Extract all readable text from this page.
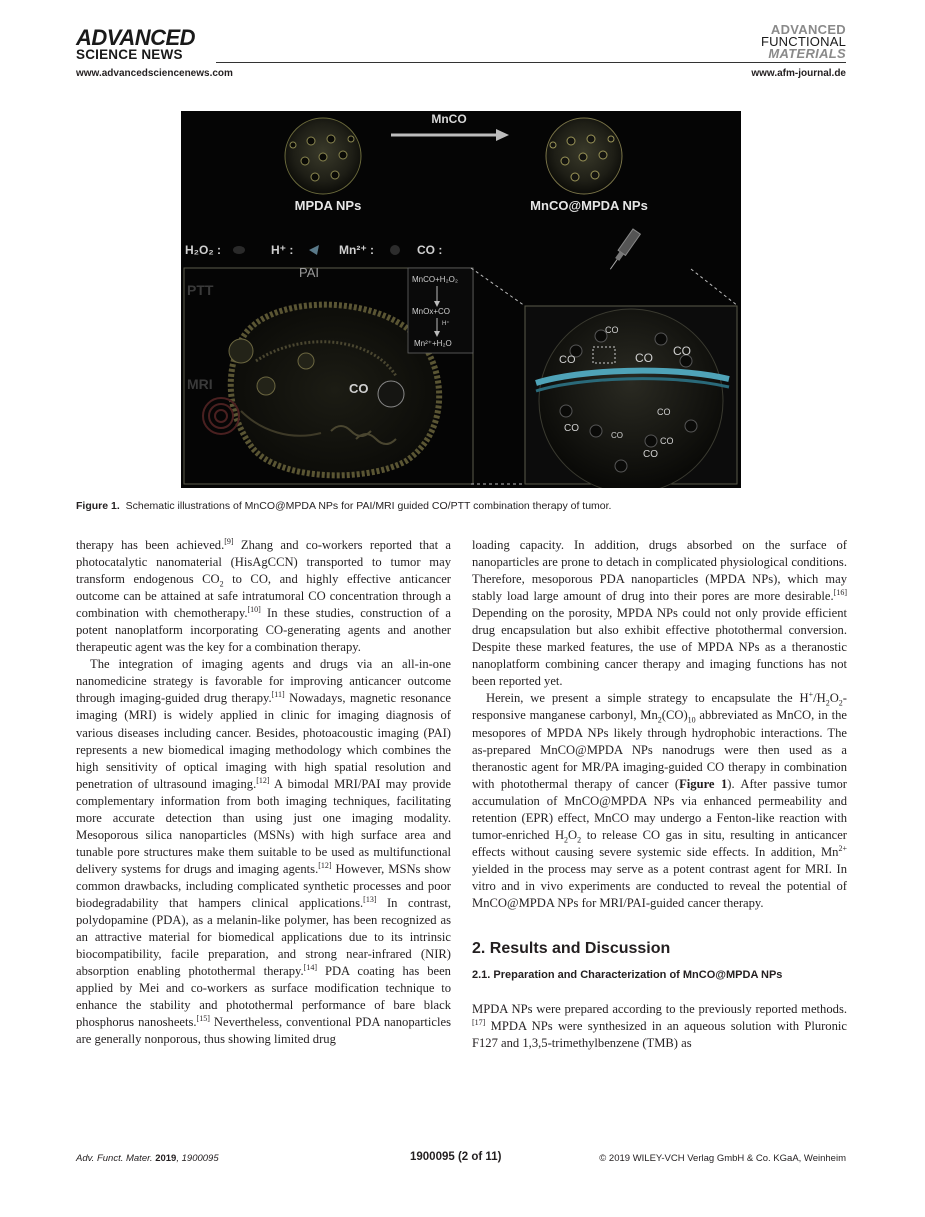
ADVANCED
SCIENCE NEWS
ADVANCED
FUNCTIONAL
MATERIALS
www.advancedsciencenews.com	www.afm-journal.de
MnCO
MPDA NPs	MnCO@MPDA NPs
H₂O₂ :	H⁺ :	Mn²⁺ :	CO :
PAI
PTT
MRI	CO
MnCO+H₂O₂
MnOx+CO
H⁺
Mn²⁺+H₂O
CO
CO	CO CO
CO
CO
CO
CO
CO
Figure 1. Schematic illustrations of MnCO@MPDA NPs for PAI/MRI guided CO/PTT combination therapy of tumor.

therapy has been achieved.[9] Zhang and co-workers reported that a photocatalytic nanomaterial (HisAgCCN) transported to tumor may transform endogenous $CO_2$ to CO, and highly effective anticancer outcome can be attained at safe intratumoral CO concentration through a combination with chemotherapy.[10] In these studies, construction of a potent nanoplatform incorporating CO-generating agents and another therapeutic agent was the key for a combination therapy.

The integration of imaging agents and drugs via an all-in-one nanomedicine strategy is favorable for improving anticancer outcome through imaging-guided drug therapy.[11] Nowadays, magnetic resonance imaging (MRI) is widely applied in clinic for imaging diagnosis of various diseases including cancer. Besides, photoacoustic imaging (PAI) represents a new biomedical imaging methodology which combines the high sensitivity of optical imaging with high spatial resolution and penetration of ultrasound imaging.[12] A bimodal MRI/PAI may provide complementary information from both imaging techniques, facilitating more accurate detection than using just one imaging modality. Mesoporous silica nanoparticles (MSNs) with high surface area and tunable pore structures make them suitable to be used as multifunctional delivery systems for drugs and imaging agents.[12] However, MSNs show common drawbacks, including complicated synthetic processes and poor biodegradability that hampers clinical applications.[13] In contrast, polydopamine (PDA), as a melanin-like polymer, has been recognized as an attractive material for biomedical applications due to its intrinsic biocompatibility, facile preparation, and strong near-infrared (NIR) absorption enabling photothermal therapy.[14] PDA coating has been applied by Mei and co-workers as surface modification technique to enhance the stability and photothermal performance of bare black phosphorus nanosheets.[15] Nevertheless, conventional PDA nanoparticles are generally nonporous, thus showing limited drug

loading capacity. In addition, drugs absorbed on the surface of nanoparticles are prone to detach in complicated physiological conditions. Therefore, mesoporous PDA nanoparticles (MPDA NPs), which may stably load large amount of drug into their pores are more desirable.[16] Depending on the porosity, MPDA NPs could not only provide efficient drug encapsulation but also exhibit effective photothermal conversion. Despite these marked features, the use of MPDA NPs as a theranostic nanoplatform combining cancer therapy and imaging functions has not been reported yet.

Herein, we present a simple strategy to encapsulate the $H^+/H_2O_2$-responsive manganese carbonyl, $Mn_2(CO)_{10}$ abbreviated as MnCO, in the mesopores of MPDA NPs likely through hydrophobic interactions. The as-prepared MnCO@MPDA NPs nanodrugs were then used as a theranostic agent for MR/PA imaging-guided CO therapy in combination with photothermal therapy of cancer (Figure 1). After passive tumor accumulation of MnCO@MPDA NPs via enhanced permeability and retention (EPR) effect, MnCO may undergo a Fenton-like reaction with tumor-enriched $H_2O_2$ to release CO gas in situ, resulting in anticancer effects without causing severe systemic side effects. In addition, $Mn^{2+}$ yielded in the process may serve as a potent contrast agent for MRI. In vitro and in vivo experiments are conducted to reveal the potential of MnCO@MPDA NPs for MRI/PAI-guided cancer therapy.

2. Results and Discussion
2.1. Preparation and Characterization of MnCO@MPDA NPs

MPDA NPs were prepared according to the previously reported methods.[17] MPDA NPs were synthesized in an aqueous solution with Pluronic F127 and 1,3,5-trimethylbenzene (TMB) as

Adv. Funct. Mater. 2019, 1900095	1900095 (2 of 11)	© 2019 WILEY-VCH Verlag GmbH & Co. KGaA, Weinheim
